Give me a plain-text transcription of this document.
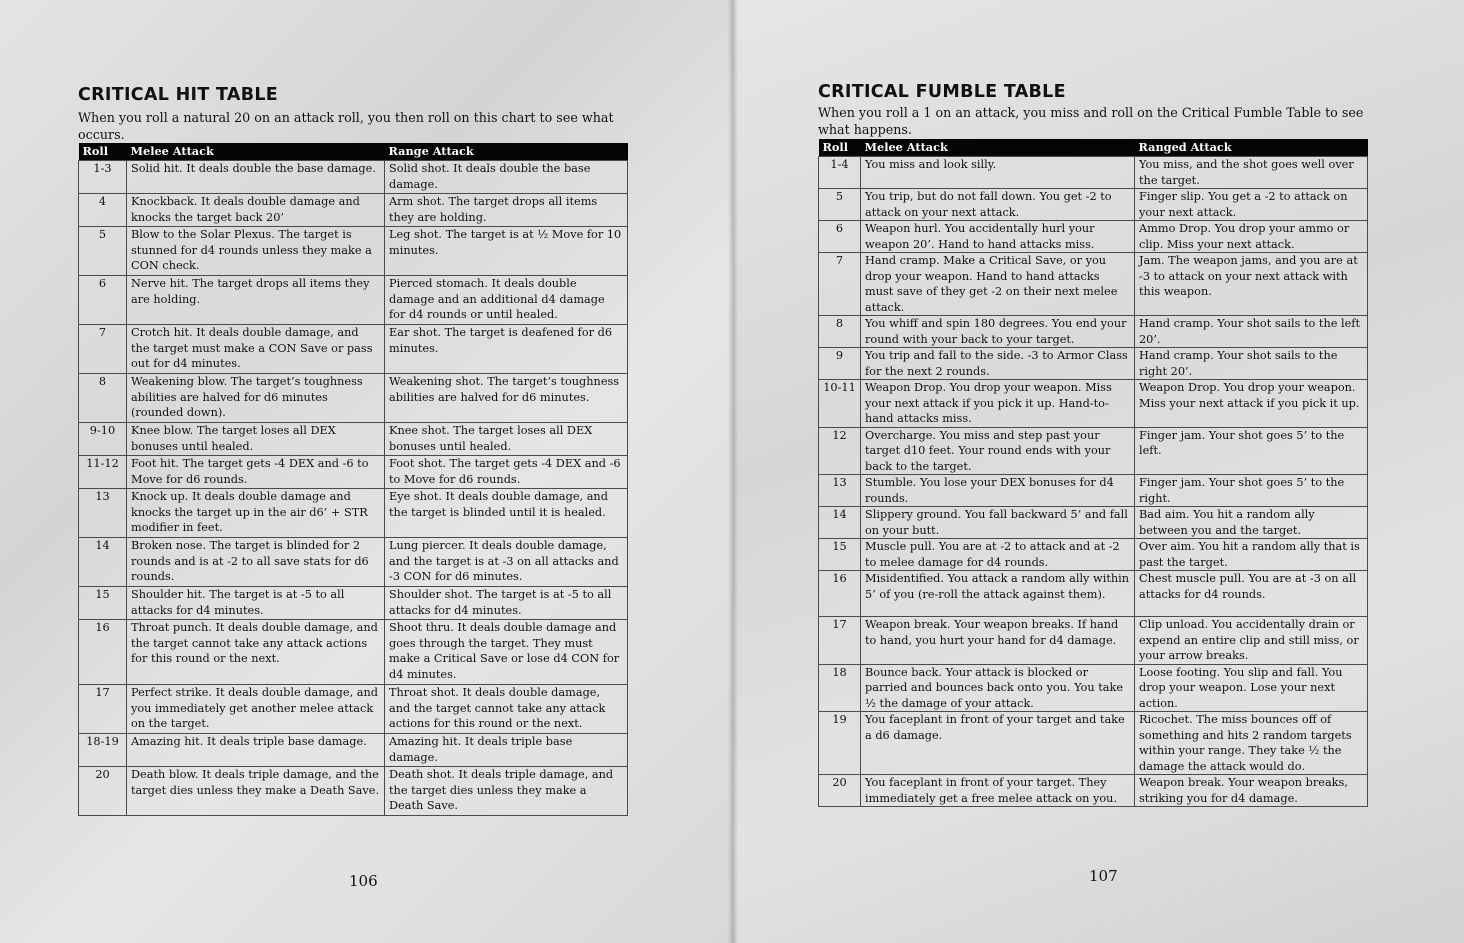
CRITICAL HIT TABLE

When you roll a natural 20 on an attack roll, you then roll on this chart to see what occurs.

Roll	Melee Attack	Range Attack
1-3	Solid hit. It deals double the base damage.	Solid shot. It deals double the base damage.
4	Knockback. It deals double damage and knocks the target back 20’	Arm shot. The target drops all items they are holding.
5	Blow to the Solar Plexus. The target is stunned for d4 rounds unless they make a CON check.	Leg shot. The target is at ½ Move for 10 minutes.
6	Nerve hit. The target drops all items they are holding.	Pierced stomach. It deals double damage and an additional d4 damage for d4 rounds or until healed.
7	Crotch hit. It deals double damage, and the target must make a CON Save or pass out for d4 minutes.	Ear shot. The target is deafened for d6 minutes.
8	Weakening blow. The target’s toughness abilities are halved for d6 minutes (rounded down).	Weakening shot. The target’s toughness abilities are halved for d6 minutes.
9-10	Knee blow. The target loses all DEX bonuses until healed.	Knee shot. The target loses all DEX bonuses until healed.
11-12	Foot hit. The target gets -4 DEX and -6 to Move for d6 rounds.	Foot shot. The target gets -4 DEX and -6 to Move for d6 rounds.
13	Knock up. It deals double damage and knocks the target up in the air d6’ + STR modifier in feet.	Eye shot. It deals double damage, and the target is blinded until it is healed.
14	Broken nose. The target is blinded for 2 rounds and is at -2 to all save stats for d6 rounds.	Lung piercer. It deals double damage, and the target is at -3 on all attacks and -3 CON for d6 minutes.
15	Shoulder hit. The target is at -5 to all attacks for d4 minutes.	Shoulder shot. The target is at -5 to all attacks for d4 minutes.
16	Throat punch. It deals double damage, and the target cannot take any attack actions for this round or the next.	Shoot thru. It deals double damage and goes through the target. They must make a Critical Save or lose d4 CON for d4 minutes.
17	Perfect strike. It deals double damage, and you immediately get another melee attack on the target.	Throat shot. It deals double damage, and the target cannot take any attack actions for this round or the next.
18-19	Amazing hit. It deals triple base damage.	Amazing hit. It deals triple base damage.
20	Death blow. It deals triple damage, and the target dies unless they make a Death Save.	Death shot. It deals triple damage, and the target dies unless they make a Death Save.

106

CRITICAL FUMBLE TABLE

When you roll a 1 on an attack, you miss and roll on the Critical Fumble Table to see what happens.

107

Roll	Melee Attack	Ranged Attack
1-4	You miss and look silly.	You miss, and the shot goes well over the target.
5	You trip, but do not fall down. You get -2 to attack on your next attack.	Finger slip. You get a -2 to attack on your next attack.
6	Weapon hurl. You accidentally hurl your weapon 20’. Hand to hand attacks miss.	Ammo Drop. You drop your ammo or clip. Miss your next attack.
7	Hand cramp. Make a Critical Save, or you drop your weapon. Hand to hand attacks must save of they get -2 on their next melee attack.	Jam. The weapon jams, and you are at -3 to attack on your next attack with this weapon.
8	You whiff and spin 180 degrees. You end your round with your back to your target.	Hand cramp. Your shot sails to the left 20’.
9	You trip and fall to the side. -3 to Armor Class for the next 2 rounds.	Hand cramp. Your shot sails to the right 20’.
10-11	Weapon Drop. You drop your weapon. Miss your next attack if you pick it up. Hand-to-hand attacks miss.	Weapon Drop. You drop your weapon. Miss your next attack if you pick it up.
12	Overcharge. You miss and step past your target d10 feet. Your round ends with your back to the target.	Finger jam. Your shot goes 5’ to the left.
13	Stumble. You lose your DEX bonuses for d4 rounds.	Finger jam. Your shot goes 5’ to the right.
14	Slippery ground. You fall backward 5’ and fall on your butt.	Bad aim. You hit a random ally between you and the target.
15	Muscle pull. You are at -2 to attack and at -2 to melee damage for d4 rounds.	Over aim. You hit a random ally that is past the target.
16	Misidentified. You attack a random ally within 5’ of you (re-roll the attack against them).	Chest muscle pull. You are at -3 on all attacks for d4 rounds.
17	Weapon break. Your weapon breaks. If hand to hand, you hurt your hand for d4 damage.	Clip unload. You accidentally drain or expend an entire clip and still miss, or your arrow breaks.
18	Bounce back. Your attack is blocked or parried and bounces back onto you. You take ½ the damage of your attack.	Loose footing. You slip and fall. You drop your weapon. Lose your next action.
19	You faceplant in front of your target and take a d6 damage.	Ricochet. The miss bounces off of something and hits 2 random targets within your range. They take ½ the damage the attack would do.
20	You faceplant in front of your target. They immediately get a free melee attack on you.	Weapon break. Your weapon breaks, striking you for d4 damage.
